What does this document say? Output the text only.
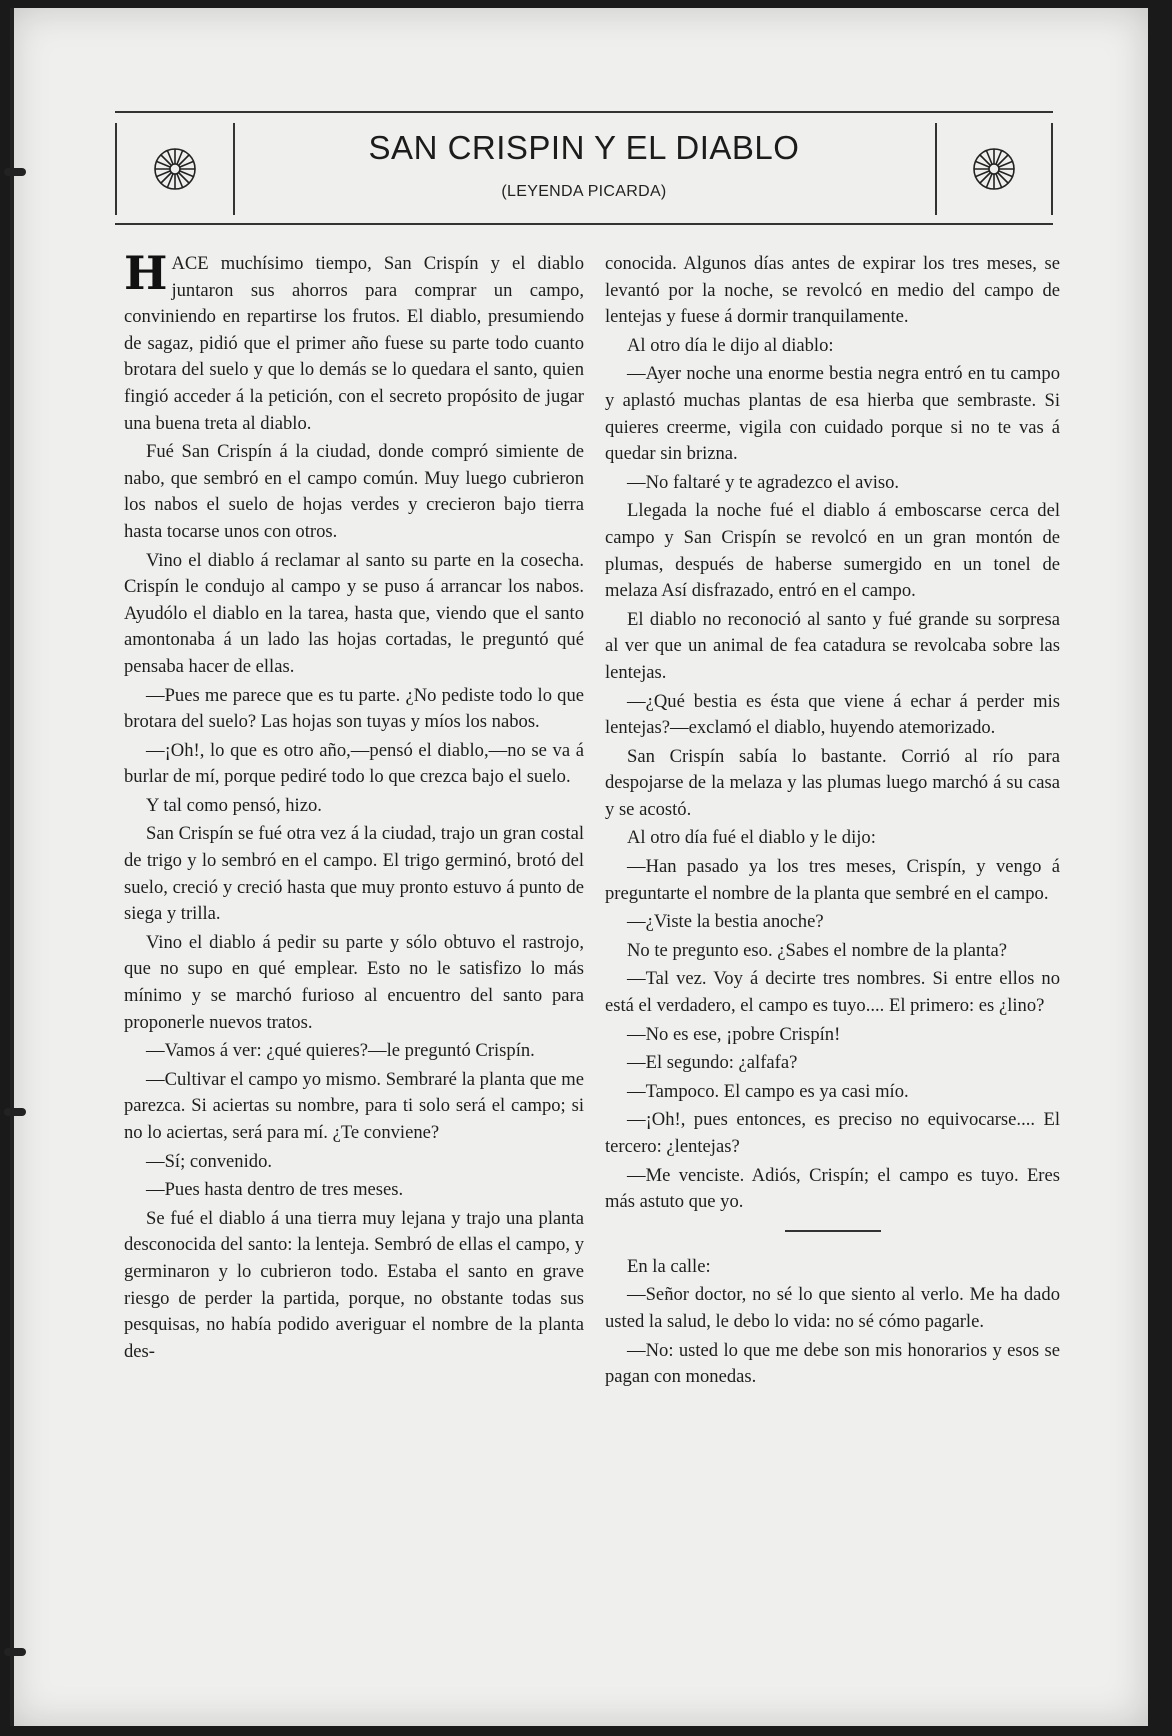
SAN CRISPIN Y EL DIABLO
(LEYENDA PICARDA)

HACE muchísimo tiempo, San Crispín y el diablo juntaron sus ahorros para comprar un campo, conviniendo en repartirse los frutos. El diablo, presumiendo de sagaz, pidió que el primer año fuese su parte todo cuanto brotara del suelo y que lo demás se lo quedara el santo, quien fingió acceder á la petición, con el secreto propósito de jugar una buena treta al diablo.

Fué San Crispín á la ciudad, donde compró simiente de nabo, que sembró en el campo común. Muy luego cubrieron los nabos el suelo de hojas verdes y crecieron bajo tierra hasta tocarse unos con otros.

Vino el diablo á reclamar al santo su parte en la cosecha. Crispín le condujo al campo y se puso á arrancar los nabos. Ayudólo el diablo en la tarea, hasta que, viendo que el santo amontonaba á un lado las hojas cortadas, le preguntó qué pensaba hacer de ellas.

—Pues me parece que es tu parte. ¿No pediste todo lo que brotara del suelo? Las hojas son tuyas y míos los nabos.

—¡Oh!, lo que es otro año,—pensó el diablo,—no se va á burlar de mí, porque pediré todo lo que crezca bajo el suelo.

Y tal como pensó, hizo.

San Crispín se fué otra vez á la ciudad, trajo un gran costal de trigo y lo sembró en el campo. El trigo germinó, brotó del suelo, creció y creció hasta que muy pronto estuvo á punto de siega y trilla.

Vino el diablo á pedir su parte y sólo obtuvo el rastrojo, que no supo en qué emplear. Esto no le satisfizo lo más mínimo y se marchó furioso al encuentro del santo para proponerle nuevos tratos.

—Vamos á ver: ¿qué quieres?—le preguntó Crispín.

—Cultivar el campo yo mismo. Sembraré la planta que me parezca. Si aciertas su nombre, para ti solo será el campo; si no lo aciertas, será para mí. ¿Te conviene?

—Sí; convenido.

—Pues hasta dentro de tres meses.

Se fué el diablo á una tierra muy lejana y trajo una planta desconocida del santo: la lenteja. Sembró de ellas el campo, y germinaron y lo cubrieron todo. Estaba el santo en grave riesgo de perder la partida, porque, no obstante todas sus pesquisas, no había podido averiguar el nombre de la planta des-

conocida. Algunos días antes de expirar los tres meses, se levantó por la noche, se revolcó en medio del campo de lentejas y fuese á dormir tranquilamente.

Al otro día le dijo al diablo:

—Ayer noche una enorme bestia negra entró en tu campo y aplastó muchas plantas de esa hierba que sembraste. Si quieres creerme, vigila con cuidado porque si no te vas á quedar sin brizna.

—No faltaré y te agradezco el aviso.

Llegada la noche fué el diablo á emboscarse cerca del campo y San Crispín se revolcó en un gran montón de plumas, después de haberse sumergido en un tonel de melaza Así disfrazado, entró en el campo.

El diablo no reconoció al santo y fué grande su sorpresa al ver que un animal de fea catadura se revolcaba sobre las lentejas.

—¿Qué bestia es ésta que viene á echar á perder mis lentejas?—exclamó el diablo, huyendo atemorizado.

San Crispín sabía lo bastante. Corrió al río para despojarse de la melaza y las plumas luego marchó á su casa y se acostó.

Al otro día fué el diablo y le dijo:

—Han pasado ya los tres meses, Crispín, y vengo á preguntarte el nombre de la planta que sembré en el campo.

—¿Viste la bestia anoche?

No te pregunto eso. ¿Sabes el nombre de la planta?

—Tal vez. Voy á decirte tres nombres. Si entre ellos no está el verdadero, el campo es tuyo.... El primero: es ¿lino?

—No es ese, ¡pobre Crispín!

—El segundo: ¿alfafa?

—Tampoco. El campo es ya casi mío.

—¡Oh!, pues entonces, es preciso no equivocarse.... El tercero: ¿lentejas?

—Me venciste. Adiós, Crispín; el campo es tuyo. Eres más astuto que yo.

En la calle:

—Señor doctor, no sé lo que siento al verlo. Me ha dado usted la salud, le debo lo vida: no sé cómo pagarle.

—No: usted lo que me debe son mis honorarios y esos se pagan con monedas.
